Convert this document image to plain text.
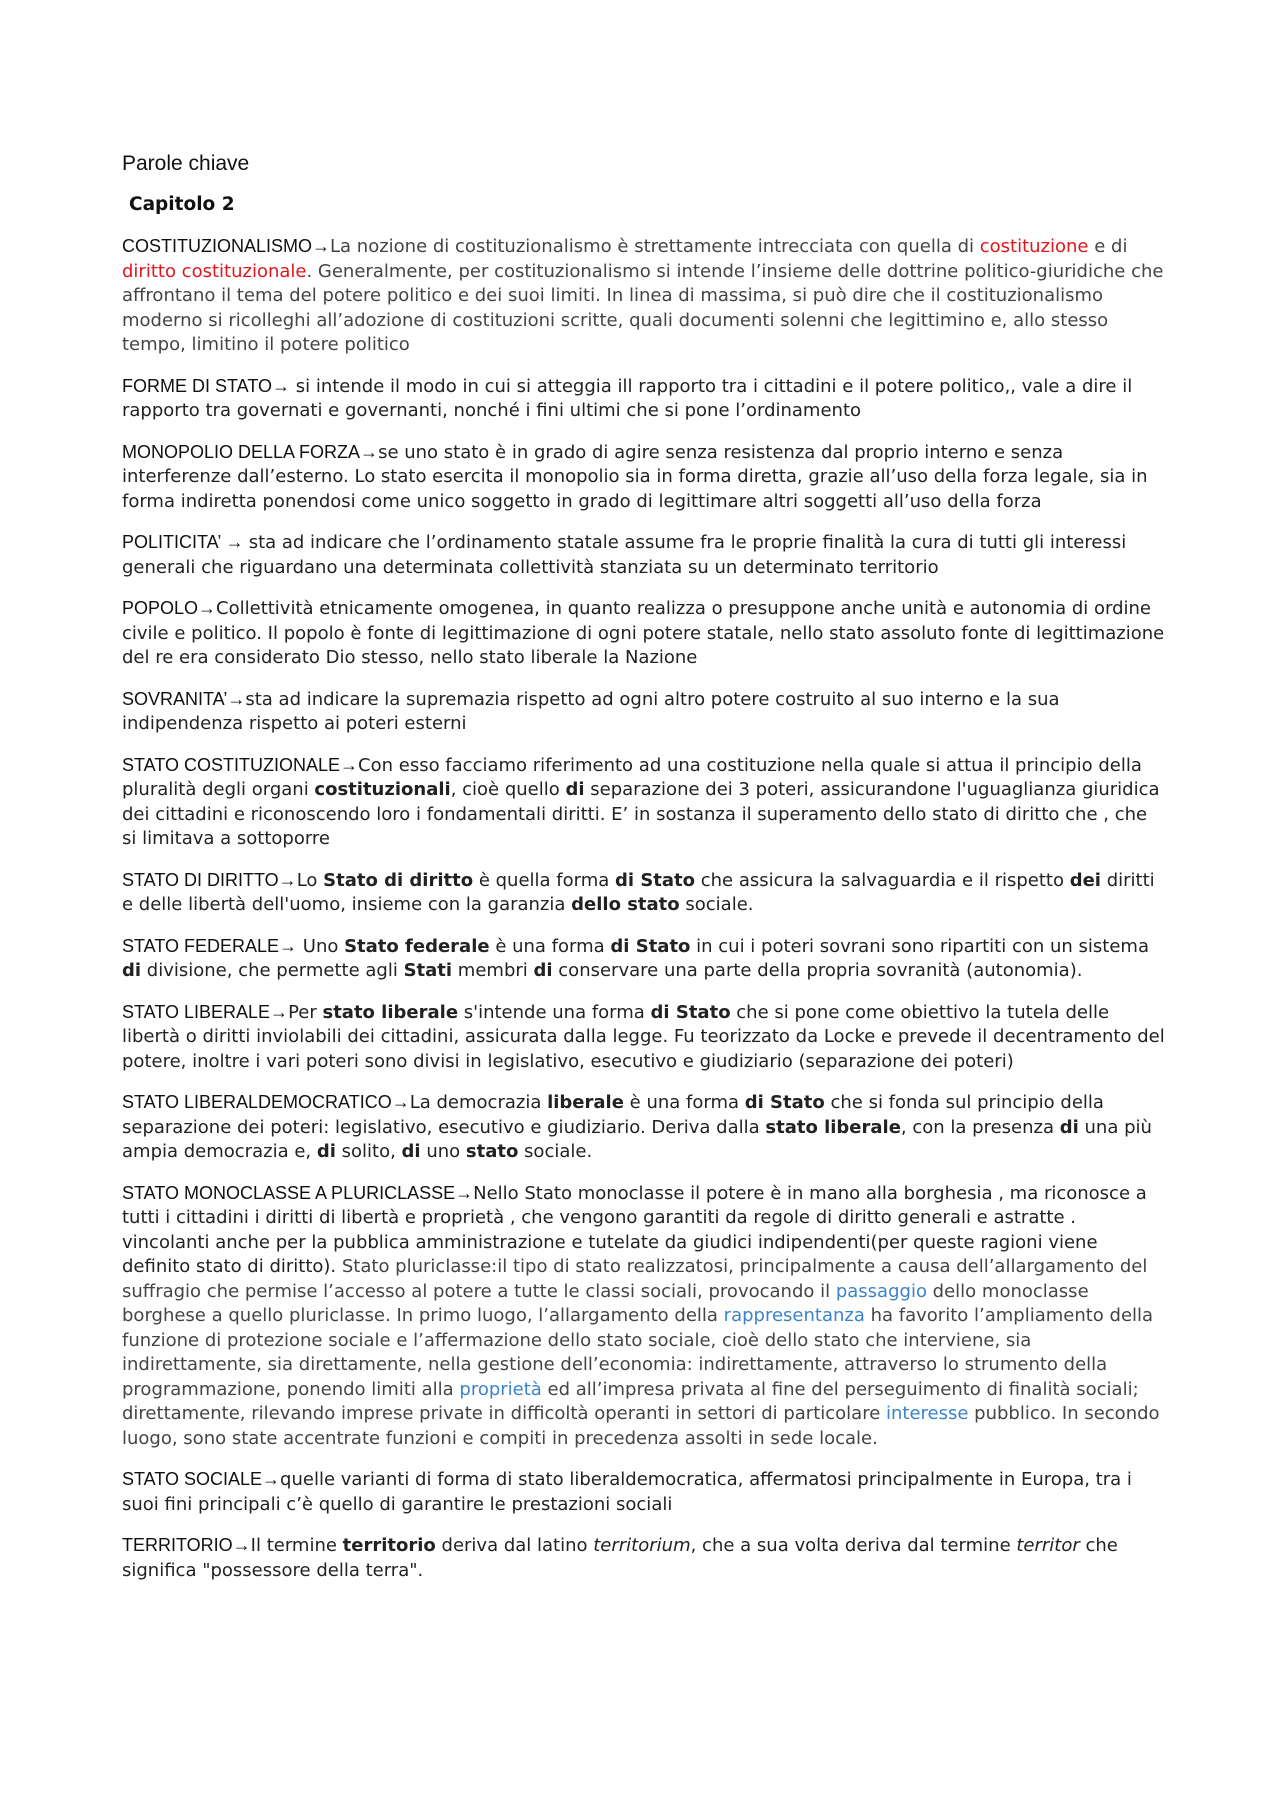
Parole chiave
Capitolo 2

COSTITUZIONALISMO→La nozione di costituzionalismo è strettamente intrecciata con quella di costituzione e di diritto costituzionale. Generalmente, per costituzionalismo si intende l’insieme delle dottrine politico-giuridiche che affrontano il tema del potere politico e dei suoi limiti. In linea di massima, si può dire che il costituzionalismo moderno si ricolleghi all’adozione di costituzioni scritte, quali documenti solenni che legittimino e, allo stesso tempo, limitino il potere politico

FORME DI STATO→ si intende il modo in cui si atteggia ill rapporto tra i cittadini e il potere politico,, vale a dire il rapporto tra governati e governanti, nonché i fini ultimi che si pone l’ordinamento

MONOPOLIO DELLA FORZA→se uno stato è in grado di agire senza resistenza dal proprio interno e senza interferenze dall’esterno. Lo stato esercita il monopolio sia in forma diretta, grazie all’uso della forza legale, sia in forma indiretta ponendosi come unico soggetto in grado di legittimare altri soggetti all’uso della forza

POLITICITA’ → sta ad indicare che l’ordinamento statale assume fra le proprie finalità la cura di tutti gli interessi generali che riguardano una determinata collettività stanziata su un determinato territorio

POPOLO→Collettività etnicamente omogenea, in quanto realizza o presuppone anche unità e autonomia di ordine civile e politico. Il popolo è fonte di legittimazione di ogni potere statale, nello stato assoluto fonte di legittimazione del re era considerato Dio stesso, nello stato liberale la Nazione

SOVRANITA’→sta ad indicare la supremazia rispetto ad ogni altro potere costruito al suo interno e la sua indipendenza rispetto ai poteri esterni

STATO COSTITUZIONALE→Con esso facciamo riferimento ad una costituzione nella quale si attua il principio della pluralità degli organi costituzionali, cioè quello di separazione dei 3 poteri, assicurandone l'uguaglianza giuridica dei cittadini e riconoscendo loro i fondamentali diritti. E’ in sostanza il superamento dello stato di diritto che , che si limitava a sottoporre

STATO DI DIRITTO→Lo Stato di diritto è quella forma di Stato che assicura la salvaguardia e il rispetto dei diritti e delle libertà dell'uomo, insieme con la garanzia dello stato sociale.

STATO FEDERALE→ Uno Stato federale è una forma di Stato in cui i poteri sovrani sono ripartiti con un sistema di divisione, che permette agli Stati membri di conservare una parte della propria sovranità (autonomia).

STATO LIBERALE→Per stato liberale s'intende una forma di Stato che si pone come obiettivo la tutela delle libertà o diritti inviolabili dei cittadini, assicurata dalla legge. Fu teorizzato da Locke e prevede il decentramento del potere, inoltre i vari poteri sono divisi in legislativo, esecutivo e giudiziario (separazione dei poteri)

STATO LIBERALDEMOCRATICO→La democrazia liberale è una forma di Stato che si fonda sul principio della separazione dei poteri: legislativo, esecutivo e giudiziario. Deriva dalla stato liberale, con la presenza di una più ampia democrazia e, di solito, di uno stato sociale.

STATO MONOCLASSE A PLURICLASSE→Nello Stato monoclasse il potere è in mano alla borghesia , ma riconosce a tutti i cittadini i diritti di libertà e proprietà , che vengono garantiti da regole di diritto generali e astratte . vincolanti anche per la pubblica amministrazione e tutelate da giudici indipendenti(per queste ragioni viene definito stato di diritto). Stato pluriclasse:il tipo di stato realizzatosi, principalmente a causa dell’allargamento del suffragio che permise l’accesso al potere a tutte le classi sociali, provocando il passaggio dello monoclasse borghese a quello pluriclasse. In primo luogo, l’allargamento della rappresentanza ha favorito l’ampliamento della funzione di protezione sociale e l’affermazione dello stato sociale, cioè dello stato che interviene, sia indirettamente, sia direttamente, nella gestione dell’economia: indirettamente, attraverso lo strumento della programmazione, ponendo limiti alla proprietà ed all’impresa privata al fine del perseguimento di finalità sociali; direttamente, rilevando imprese private in difficoltà operanti in settori di particolare interesse pubblico. In secondo luogo, sono state accentrate funzioni e compiti in precedenza assolti in sede locale.

STATO SOCIALE→quelle varianti di forma di stato liberaldemocratica, affermatosi principalmente in Europa, tra i suoi fini principali c’è quello di garantire le prestazioni sociali

TERRITORIO→Il termine territorio deriva dal latino territorium, che a sua volta deriva dal termine territor che significa "possessore della terra".
